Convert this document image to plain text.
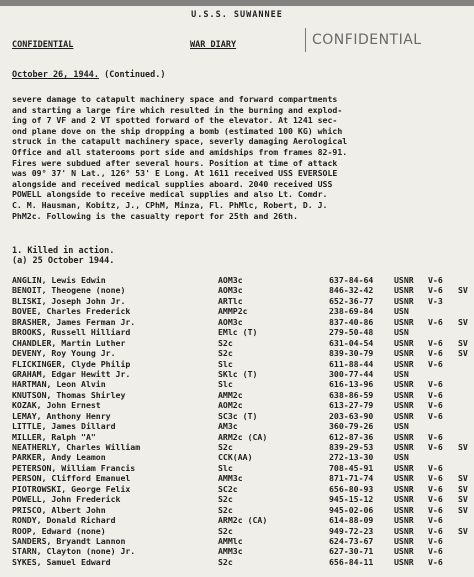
U.S.S. SUWANNEE
CONFIDENTIAL	WAR DIARY	CONFIDENTIAL
October 26, 1944. (Continued.)
severe damage to catapult machinery space and forward compartments
and starting a large fire which resulted in the burning and explod-
ing of 7 VF and 2 VT spotted forward of the elevator. At 1241 sec-
ond plane dove on the ship dropping a bomb (estimated 100 KG) which
struck in the catapult machinery space, severly damaging Aerological
Office and all staterooms port side and amidships from frames 82-91.
Fires were subdued after several hours. Position at time of attack
was 09° 37' N Lat., 126° 53' E Long. At 1611 received USS EVERSOLE
alongside and received medical supplies aboard. 2040 received USS
POWELL alongside to receive medical supplies and also Lt. Comdr.
C. M. Hausman, Kobitz, J., CPhM, Minza, Fl. PhMlc, Robert, D. J.
PhM2c. Following is the casualty report for 25th and 26th.
1. Killed in action.
(a) 25 October 1944.
ANGLIN, Lewis Edwin	AOM3c	637-84-64	USNR V-6
BENOIT, Theogene (none)	AOM3c	846-32-42	USNR V-6 SV
BLISKI, Joseph John Jr.	ARTlc	652-36-77	USNR V-3
BOVEE, Charles Frederick	AMMP2c	238-69-84	USN
BRASHER, James Ferman Jr.	AOM3c	837-40-86	USNR V-6 SV
BROOKS, Russell Hilliard	EMlc (T)	279-50-48	USN
CHANDLER, Martin Luther	S2c	631-04-54	USNR V-6 SV
DEVENY, Roy Young Jr.	S2c	839-30-79	USNR V-6 SV
FLICKINGER, Clyde Philip	Slc	611-88-44	USNR V-6
GRAHAM, Edgar Hewitt Jr.	SKlc (T)	300-77-44	USN
HARTMAN, Leon Alvin	Slc	616-13-96	USNR V-6
KNUTSON, Thomas Shirley	AMM2c	638-86-59	USNR V-6
KOZAK, John Ernest	AOM2c	613-27-79	USNR V-6
LEMAY, Anthony Henry	SC3c (T)	203-63-90	USNR V-6
LITTLE, James Dillard	AM3c	360-79-26	USN
MILLER, Ralph "A"	ARM2c (CA)	612-87-36	USNR V-6
NEATHERLY, Charles William	S2c	839-29-53	USNR V-6 SV
PARKER, Andy Leamon	CCK(AA)	272-13-30	USN
PETERSON, William Francis	Slc	708-45-91	USNR V-6
PERSON, Clifford Emanuel	AMM3c	871-71-74	USNR V-6 SV
PIOTROWSKI, George Felix	SC2c	656-80-93	USNR V-6 SV
POWELL, John Frederick	S2c	945-15-12	USNR V-6 SV
PRISCO, Albert John	S2c	945-02-06	USNR V-6 SV
RONDY, Donald Richard	ARM2c (CA)	614-88-09	USNR V-6
ROOP, Edward (none)	S2c	949-72-23	USNR V-6 SV
SANDERS, Bryandt Lannon	AMMlc	624-73-67	USNR V-6
STARN, Clayton (none) Jr.	AMM3c	627-30-71	USNR V-6
SYKES, Samuel Edward	S2c	656-84-11	USNR V-6
